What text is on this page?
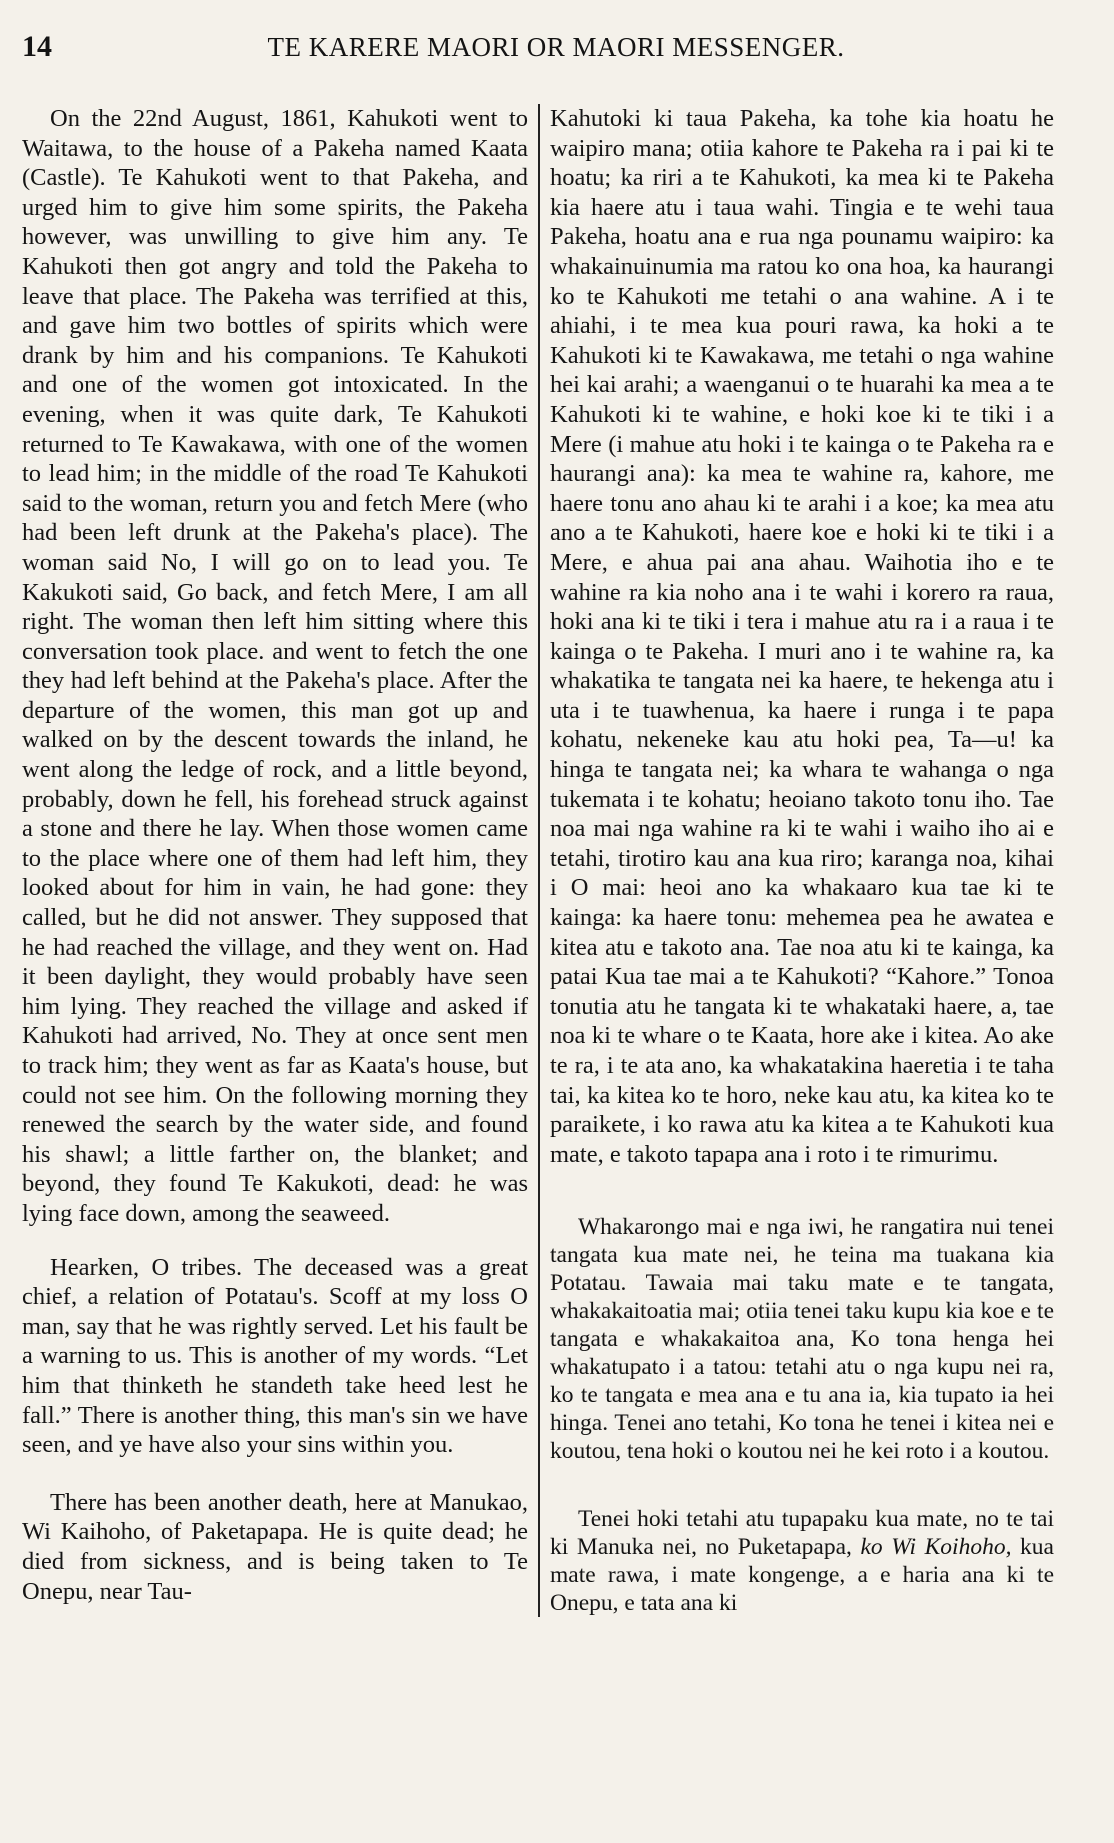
14	TE KARERE MAORI OR MAORI MESSENGER.

On the 22nd August, 1861, Kahukoti went to Waitawa, to the house of a Pakeha named Kaata (Castle). Te Kahukoti went to that Pakeha, and urged him to give him some spirits, the Pakeha however, was unwilling to give him any. Te Kahukoti then got angry and told the Pakeha to leave that place. The Pakeha was terrified at this, and gave him two bottles of spirits which were drank by him and his companions. Te Kahukoti and one of the women got intoxicated. In the evening, when it was quite dark, Te Kahukoti returned to Te Kawakawa, with one of the women to lead him; in the middle of the road Te Kahukoti said to the woman, return you and fetch Mere (who had been left drunk at the Pakeha's place). The woman said No, I will go on to lead you. Te Kakukoti said, Go back, and fetch Mere, I am all right. The woman then left him sitting where this conversation took place. and went to fetch the one they had left behind at the Pakeha's place. After the departure of the women, this man got up and walked on by the descent towards the inland, he went along the ledge of rock, and a little beyond, probably, down he fell, his forehead struck against a stone and there he lay. When those women came to the place where one of them had left him, they looked about for him in vain, he had gone: they called, but he did not answer. They supposed that he had reached the village, and they went on. Had it been daylight, they would probably have seen him lying. They reached the village and asked if Kahukoti had arrived, No. They at once sent men to track him; they went as far as Kaata's house, but could not see him. On the following morning they renewed the search by the water side, and found his shawl; a little farther on, the blanket; and beyond, they found Te Kakukoti, dead: he was lying face down, among the seaweed.

Hearken, O tribes. The deceased was a great chief, a relation of Potatau's. Scoff at my loss O man, say that he was rightly served. Let his fault be a warning to us. This is another of my words. “Let him that thinketh he standeth take heed lest he fall.” There is another thing, this man's sin we have seen, and ye have also your sins within you.

There has been another death, here at Manukao, Wi Kaihoho, of Paketapapa. He is quite dead; he died from sickness, and is being taken to Te Onepu, near Tau-

Kahutoki ki taua Pakeha, ka tohe kia hoatu he waipiro mana; otiia kahore te Pakeha ra i pai ki te hoatu; ka riri a te Kahukoti, ka mea ki te Pakeha kia haere atu i taua wahi. Tingia e te wehi taua Pakeha, hoatu ana e rua nga pounamu waipiro: ka whakainuinumia ma ratou ko ona hoa, ka haurangi ko te Kahukoti me tetahi o ana wahine. A i te ahiahi, i te mea kua pouri rawa, ka hoki a te Kahukoti ki te Kawakawa, me tetahi o nga wahine hei kai arahi; a waenganui o te huarahi ka mea a te Kahukoti ki te wahine, e hoki koe ki te tiki i a Mere (i mahue atu hoki i te kainga o te Pakeha ra e haurangi ana): ka mea te wahine ra, kahore, me haere tonu ano ahau ki te arahi i a koe; ka mea atu ano a te Kahukoti, haere koe e hoki ki te tiki i a Mere, e ahua pai ana ahau. Waihotia iho e te wahine ra kia noho ana i te wahi i korero ra raua, hoki ana ki te tiki i tera i mahue atu ra i a raua i te kainga o te Pakeha. I muri ano i te wahine ra, ka whakatika te tangata nei ka haere, te hekenga atu i uta i te tuawhenua, ka haere i runga i te papa kohatu, nekeneke kau atu hoki pea, Ta—u! ka hinga te tangata nei; ka whara te wahanga o nga tukemata i te kohatu; heoiano takoto tonu iho. Tae noa mai nga wahine ra ki te wahi i waiho iho ai e tetahi, tirotiro kau ana kua riro; karanga noa, kihai i O mai: heoi ano ka whakaaro kua tae ki te kainga: ka haere tonu: mehemea pea he awatea e kitea atu e takoto ana. Tae noa atu ki te kainga, ka patai Kua tae mai a te Kahukoti? “Kahore.” Tonoa tonutia atu he tangata ki te whakataki haere, a, tae noa ki te whare o te Kaata, hore ake i kitea. Ao ake te ra, i te ata ano, ka whakatakina haeretia i te taha tai, ka kitea ko te horo, neke kau atu, ka kitea ko te paraikete, i ko rawa atu ka kitea a te Kahukoti kua mate, e takoto tapapa ana i roto i te rimurimu.

Whakarongo mai e nga iwi, he rangatira nui tenei tangata kua mate nei, he teina ma tuakana kia Potatau. Tawaia mai taku mate e te tangata, whakakaitoatia mai; otiia tenei taku kupu kia koe e te tangata e whakakaitoa ana, Ko tona henga hei whakatupato i a tatou: tetahi atu o nga kupu nei ra, ko te tangata e mea ana e tu ana ia, kia tupato ia hei hinga. Tenei ano tetahi, Ko tona he tenei i kitea nei e koutou, tena hoki o koutou nei he kei roto i a koutou.

Tenei hoki tetahi atu tupapaku kua mate, no te tai ki Manuka nei, no Puketapapa, ko Wi Koihoho, kua mate rawa, i mate kongenge, a e haria ana ki te Onepu, e tata ana ki
